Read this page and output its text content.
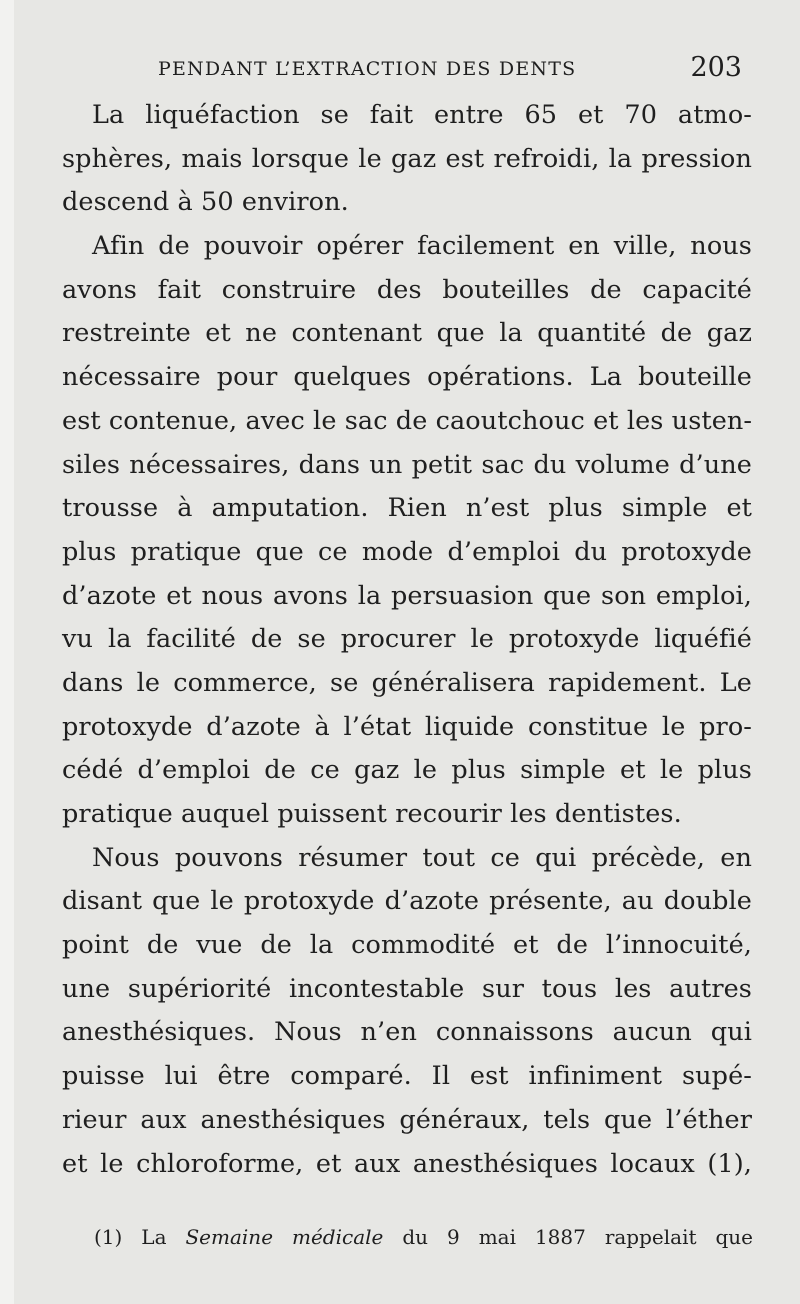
PENDANT L’EXTRACTION DES DENTS	203
La liquéfaction se fait entre 65 et 70 atmo-
sphères, mais lorsque le gaz est refroidi, la pression
descend à 50 environ.
Afin de pouvoir opérer facilement en ville, nous
avons fait construire des bouteilles de capacité
restreinte et ne contenant que la quantité de gaz
nécessaire pour quelques opérations. La bouteille
est contenue, avec le sac de caoutchouc et les usten-
siles nécessaires, dans un petit sac du volume d’une
trousse à amputation. Rien n’est plus simple et
plus pratique que ce mode d’emploi du protoxyde
d’azote et nous avons la persuasion que son emploi,
vu la facilité de se procurer le protoxyde liquéfié
dans le commerce, se généralisera rapidement. Le
protoxyde d’azote à l’état liquide constitue le pro-
cédé d’emploi de ce gaz le plus simple et le plus
pratique auquel puissent recourir les dentistes.
Nous pouvons résumer tout ce qui précède, en
disant que le protoxyde d’azote présente, au double
point de vue de la commodité et de l’innocuité,
une supériorité incontestable sur tous les autres
anesthésiques. Nous n’en connaissons aucun qui
puisse lui être comparé. Il est infiniment supé-
rieur aux anesthésiques généraux, tels que l’éther
et le chloroforme, et aux anesthésiques locaux (1),
(1) La Semaine médicale du 9 mai 1887 rappelait que
